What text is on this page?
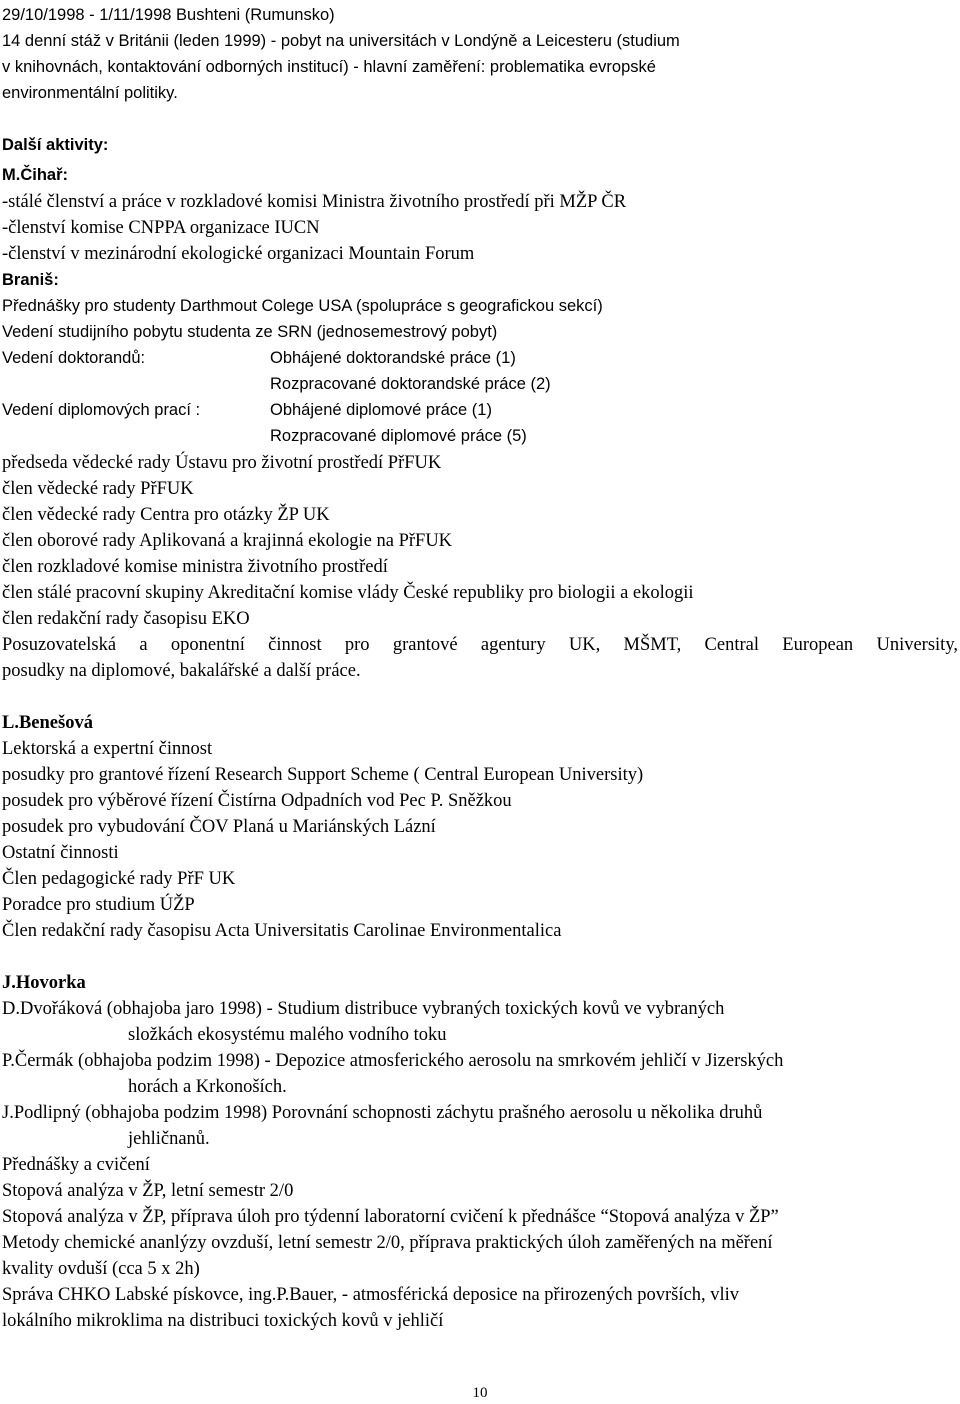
29/10/1998 - 1/11/1998 Bushteni (Rumunsko)
14 denní stáž v Británii (leden 1999) - pobyt na universitách v Londýně a Leicesteru (studium
v knihovnách, kontaktování odborných institucí) - hlavní zaměření: problematika evropské
environmentální politiky.
Další aktivity:
M.Čihař:
-stálé členství a práce v rozkladové komisi Ministra životního prostředí při MŽP ČR
-členství komise CNPPA organizace IUCN
-členství v mezinárodní ekologické organizaci Mountain Forum
Braniš:
Přednášky pro studenty Darthmout Colege USA (spolupráce s geografickou sekcí)
Vedení studijního pobytu studenta ze SRN (jednosemestrový pobyt)
Vedení doktorandů:	Obhájené doktorandské práce (1)
Rozpracované doktorandské práce (2)
Vedení diplomových prací :	Obhájené diplomové práce (1)
Rozpracované diplomové práce (5)
předseda vědecké rady Ústavu pro životní prostředí PřFUK
člen vědecké rady PřFUK
člen vědecké rady Centra pro otázky ŽP UK
člen oborové rady Aplikovaná a krajinná ekologie na PřFUK
člen rozkladové komise ministra životního prostředí
člen stálé pracovní skupiny Akreditační komise vlády České republiky pro biologii a ekologii
člen redakční rady časopisu EKO
Posuzovatelská a oponentní činnost pro grantové agentury UK, MŠMT, Central European University,
posudky na diplomové, bakalářské a další práce.
L.Benešová
Lektorská a expertní činnost
posudky pro grantové řízení Research Support Scheme ( Central European University)
posudek pro výběrové řízení Čistírna Odpadních vod Pec P. Sněžkou
posudek pro vybudování ČOV Planá u Mariánských Lázní
Ostatní činnosti
Člen pedagogické rady PřF UK
Poradce pro studium ÚŽP
Člen redakční rady časopisu Acta Universitatis Carolinae Environmentalica
J.Hovorka
D.Dvořáková (obhajoba jaro 1998) - Studium distribuce vybraných toxických kovů ve vybraných
složkách ekosystému malého vodního toku
P.Čermák (obhajoba podzim 1998) - Depozice atmosferického aerosolu na smrkovém jehličí v Jizerských
horách a Krkonoších.
J.Podlipný (obhajoba podzim 1998) Porovnání schopnosti záchytu prašného aerosolu u několika druhů
jehličnanů.
Přednášky a cvičení
Stopová analýza v ŽP, letní semestr 2/0
Stopová analýza v ŽP, příprava úloh pro týdenní laboratorní cvičení k přednášce “Stopová analýza v ŽP”
Metody chemické ananlýzy ovzduší, letní semestr 2/0, příprava praktických úloh zaměřených na měření
kvality ovduší (cca 5 x 2h)
Správa CHKO Labské pískovce, ing.P.Bauer, - atmosférická deposice na přirozených površích, vliv
lokálního mikroklima na distribuci toxických kovů v jehličí
10
